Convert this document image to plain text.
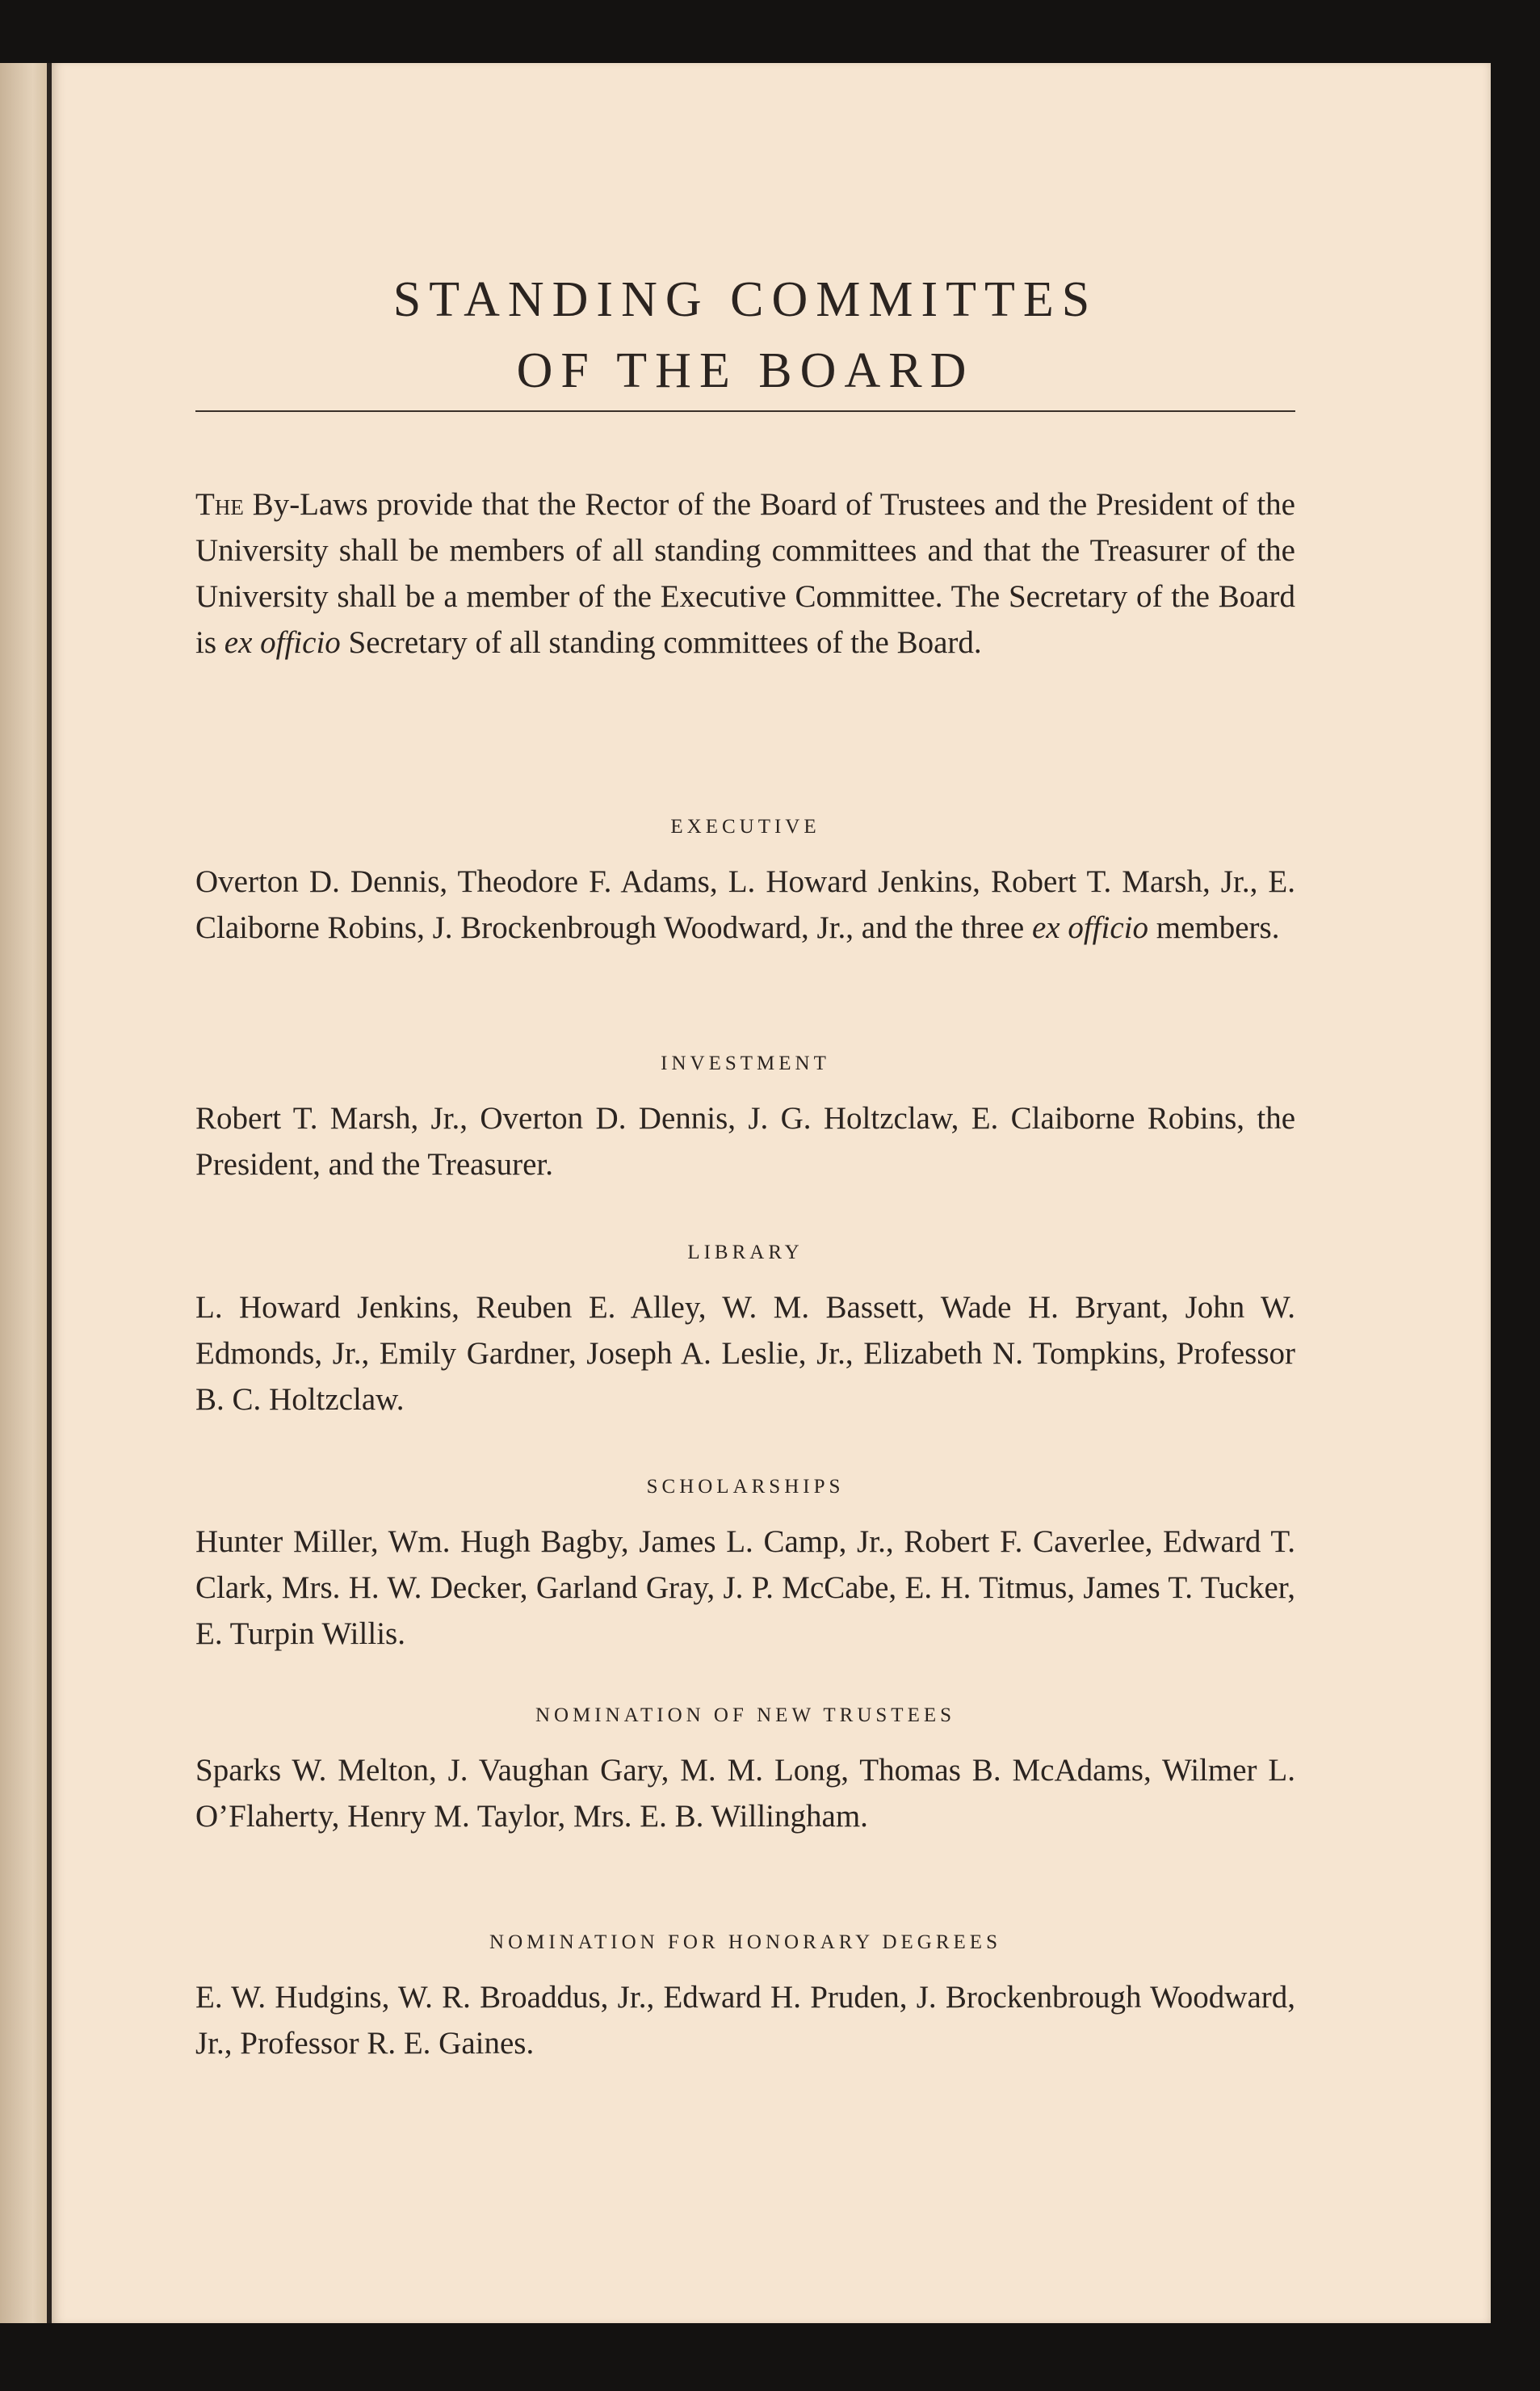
STANDING COMMITTES
OF THE BOARD

The By-Laws provide that the Rector of the Board of Trustees and the President of the University shall be members of all standing committees and that the Treasurer of the University shall be a member of the Executive Committee. The Secretary of the Board is ex officio Secretary of all standing committees of the Board.

EXECUTIVE

Overton D. Dennis, Theodore F. Adams, L. Howard Jenkins, Robert T. Marsh, Jr., E. Claiborne Robins, J. Brockenbrough Woodward, Jr., and the three ex officio members.

INVESTMENT

Robert T. Marsh, Jr., Overton D. Dennis, J. G. Holtzclaw, E. Claiborne Robins, the President, and the Treasurer.

LIBRARY

L. Howard Jenkins, Reuben E. Alley, W. M. Bassett, Wade H. Bryant, John W. Edmonds, Jr., Emily Gardner, Joseph A. Leslie, Jr., Elizabeth N. Tompkins, Professor B. C. Holtzclaw.

SCHOLARSHIPS

Hunter Miller, Wm. Hugh Bagby, James L. Camp, Jr., Robert F. Caverlee, Edward T. Clark, Mrs. H. W. Decker, Garland Gray, J. P. McCabe, E. H. Titmus, James T. Tucker, E. Turpin Willis.

NOMINATION OF NEW TRUSTEES

Sparks W. Melton, J. Vaughan Gary, M. M. Long, Thomas B. McAdams, Wilmer L. O’Flaherty, Henry M. Taylor, Mrs. E. B. Willingham.

NOMINATION FOR HONORARY DEGREES

E. W. Hudgins, W. R. Broaddus, Jr., Edward H. Pruden, J. Brockenbrough Woodward, Jr., Professor R. E. Gaines.
